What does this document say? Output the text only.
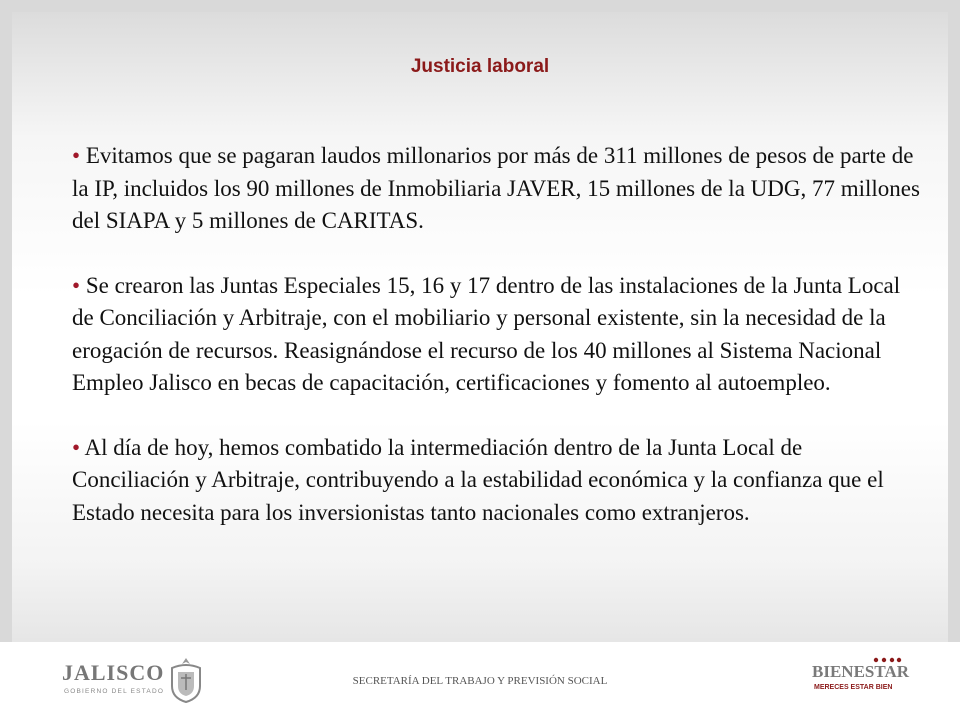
Justicia laboral

• Evitamos que se pagaran laudos millonarios por más de 311 millones de pesos de parte de la IP, incluidos los 90 millones de Inmobiliaria JAVER, 15 millones de la UDG, 77 millones del SIAPA y 5 millones de CARITAS.

• Se crearon las Juntas Especiales 15, 16 y 17 dentro de las instalaciones de la Junta Local de Conciliación y Arbitraje, con el mobiliario y personal existente, sin la necesidad de la erogación de recursos. Reasignándose el recurso de los 40 millones al Sistema Nacional Empleo Jalisco en becas de capacitación, certificaciones y fomento al autoempleo.

• Al día de hoy, hemos combatido la intermediación dentro de la Junta Local de Conciliación y Arbitraje, contribuyendo a la estabilidad económica y la confianza que el Estado necesita para los inversionistas tanto nacionales como extranjeros.

JALISCO
GOBIERNO DEL ESTADO
SECRETARÍA DEL TRABAJO Y PREVISIÓN SOCIAL	BIENESTAR
MERECES ESTAR BIEN
